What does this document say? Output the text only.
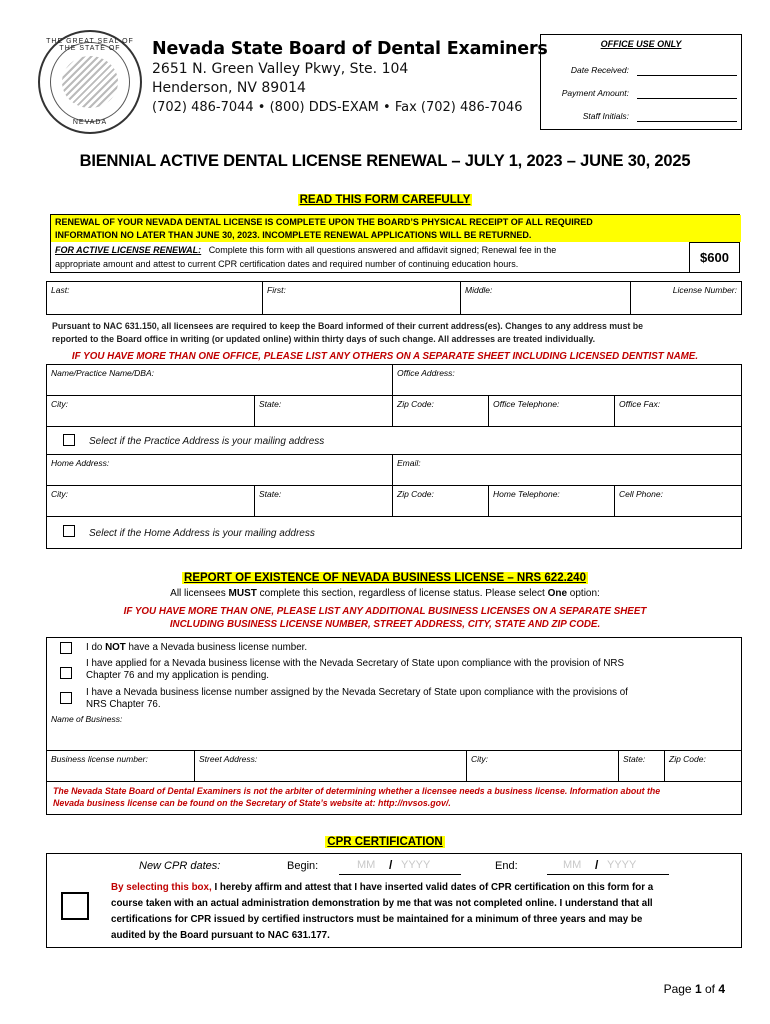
THE GREAT SEAL OF THE STATE OF
NEVADA
Nevada State Board of Dental Examiners
2651 N. Green Valley Pkwy, Ste. 104
Henderson, NV 89014
(702) 486-7044 • (800) DDS-EXAM • Fax (702) 486-7046
OFFICE USE ONLY
Date Received:
Payment Amount:
Staff Initials:
BIENNIAL ACTIVE DENTAL LICENSE RENEWAL – JULY 1, 2023 – JUNE 30, 2025
READ THIS FORM CAREFULLY
RENEWAL OF YOUR NEVADA DENTAL LICENSE IS COMPLETE UPON THE BOARD’S PHYSICAL RECEIPT OF ALL REQUIRED
INFORMATION NO LATER THAN JUNE 30, 2023. INCOMPLETE RENEWAL APPLICATIONS WILL BE RETURNED.
FOR ACTIVE LICENSE RENEWAL: Complete this form with all questions answered and affidavit signed; Renewal fee in the
appropriate amount and attest to current CPR certification dates and required number of continuing education hours.	$600
Last:	First:	Middle:	License Number:
Pursuant to NAC 631.150, all licensees are required to keep the Board informed of their current address(es). Changes to any address must be
reported to the Board office in writing (or updated online) within thirty days of such change. All addresses are treated individually.
IF YOU HAVE MORE THAN ONE OFFICE, PLEASE LIST ANY OTHERS ON A SEPARATE SHEET INCLUDING LICENSED DENTIST NAME.
Name/Practice Name/DBA:	Office Address:
City:	State:	Zip Code:	Office Telephone:	Office Fax:
Select if the Practice Address is your mailing address
Home Address:	Email:
City:	State:	Zip Code:	Home Telephone:	Cell Phone:
Select if the Home Address is your mailing address
REPORT OF EXISTENCE OF NEVADA BUSINESS LICENSE – NRS 622.240
All licensees MUST complete this section, regardless of license status. Please select One option:
IF YOU HAVE MORE THAN ONE, PLEASE LIST ANY ADDITIONAL BUSINESS LICENSES ON A SEPARATE SHEET
INCLUDING BUSINESS LICENSE NUMBER, STREET ADDRESS, CITY, STATE AND ZIP CODE.
Name of Business:
Business license number:	Street Address:	City:	State:	Zip Code:
The Nevada State Board of Dental Examiners is not the arbiter of determining whether a licensee needs a business license. Information about the
Nevada business license can be found on the Secretary of State’s website at: http://nvsos.gov/.
I do NOT have a Nevada business license number.
I have applied for a Nevada business license with the Nevada Secretary of State upon compliance with the provision of NRS
Chapter 76 and my application is pending.
I have a Nevada business license number assigned by the Nevada Secretary of State upon compliance with the provisions of
NRS Chapter 76.
CPR CERTIFICATION
New CPR dates:	Begin:	MM / YYYY	End:	MM / YYYY
By selecting this box, I hereby affirm and attest that I have inserted valid dates of CPR certification on this form for a
course taken with an actual administration demonstration by me that was not completed online. I understand that all
certifications for CPR issued by certified instructors must be maintained for a minimum of three years and may be
audited by the Board pursuant to NAC 631.177.
Page 1 of 4
